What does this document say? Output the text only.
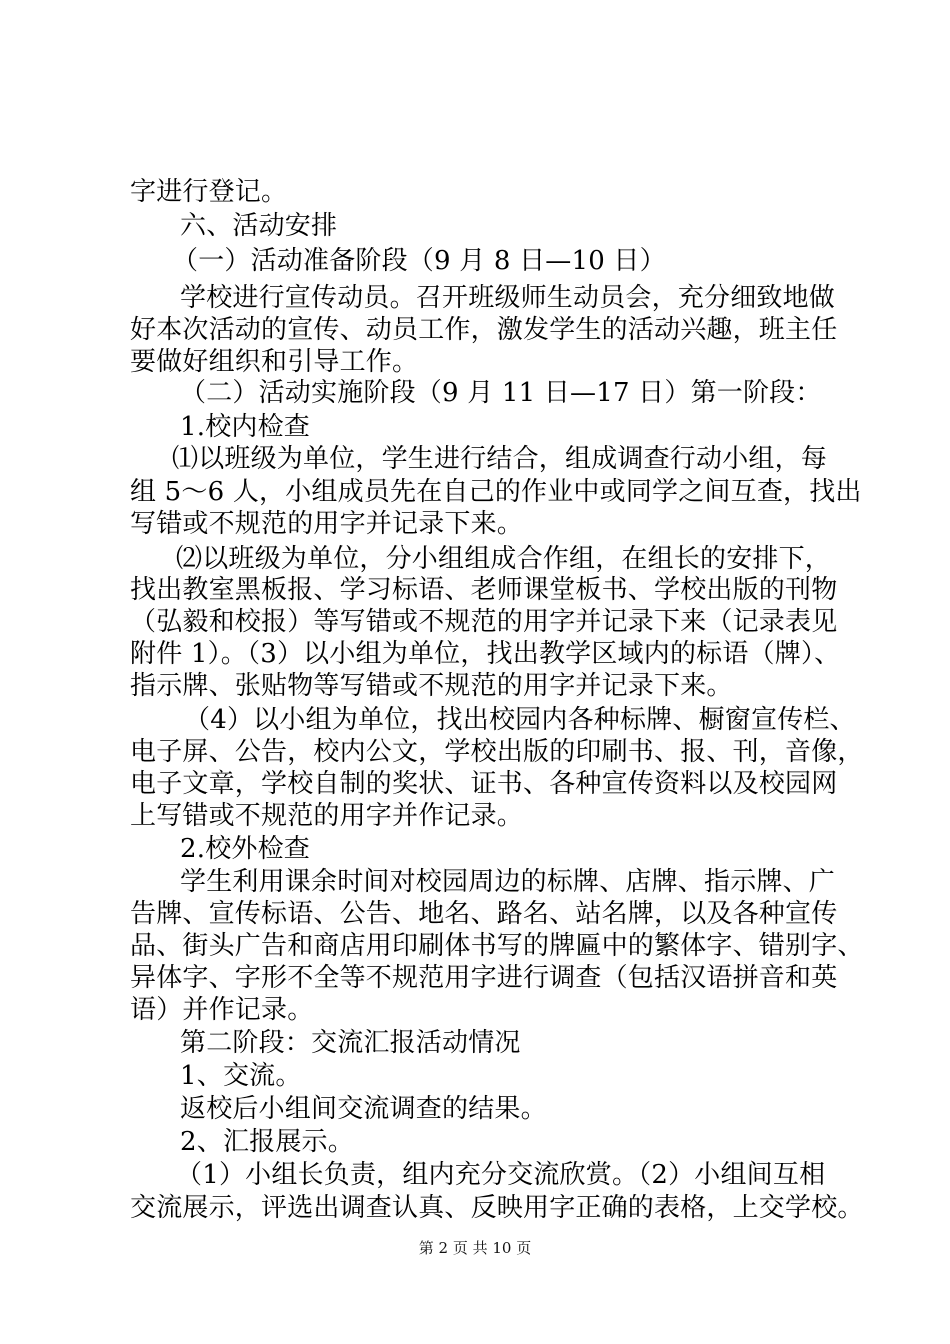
字进行登记。
六、活动安排
（一）活动准备阶段（9 月 8 日—10 日）
学校进行宣传动员。召开班级师生动员会，充分细致地做
好本次活动的宣传、动员工作，激发学生的活动兴趣，班主任
要做好组织和引导工作。
（二）活动实施阶段（9 月 11 日—17 日）第一阶段：
1.校内检查
⑴以班级为单位，学生进行结合，组成调查行动小组，每
组 5～6 人，小组成员先在自己的作业中或同学之间互查，找出
写错或不规范的用字并记录下来。
⑵以班级为单位，分小组组成合作组，在组长的安排下，
找出教室黑板报、学习标语、老师课堂板书、学校出版的刊物
（弘毅和校报）等写错或不规范的用字并记录下来（记录表见
附件 1）。（3）以小组为单位，找出教学区域内的标语（牌）、
指示牌、张贴物等写错或不规范的用字并记录下来。
（4）以小组为单位，找出校园内各种标牌、橱窗宣传栏、
电子屏、公告，校内公文，学校出版的印刷书、报、刊，音像，
电子文章，学校自制的奖状、证书、各种宣传资料以及校园网
上写错或不规范的用字并作记录。
2.校外检查
学生利用课余时间对校园周边的标牌、店牌、指示牌、广
告牌、宣传标语、公告、地名、路名、站名牌，以及各种宣传
品、街头广告和商店用印刷体书写的牌匾中的繁体字、错别字、
异体字、字形不全等不规范用字进行调查（包括汉语拼音和英
语）并作记录。
第二阶段：交流汇报活动情况
1、交流。
返校后小组间交流调查的结果。
2、汇报展示。
（1）小组长负责，组内充分交流欣赏。（2）小组间互相
交流展示，评选出调查认真、反映用字正确的表格，上交学校。
第 2 页 共 10 页
